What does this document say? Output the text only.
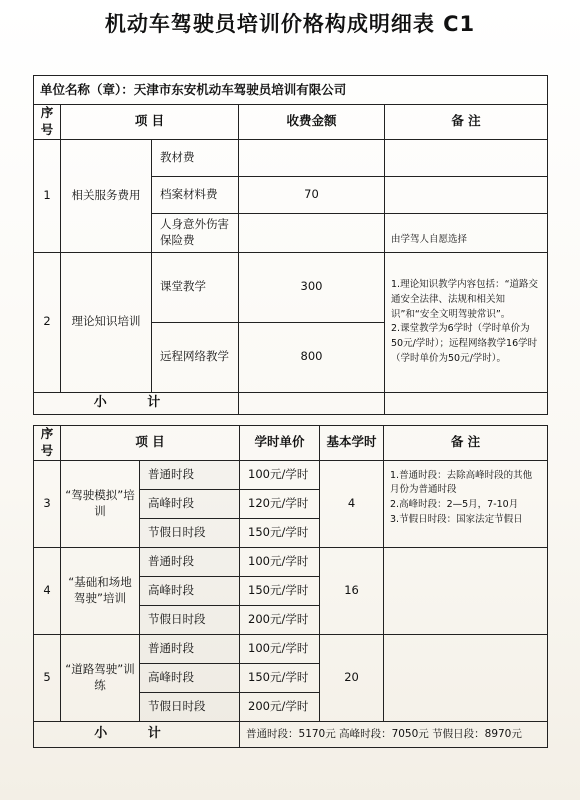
机动车驾驶员培训价格构成明细表 C1
单位名称（章）：天津市东安机动车驾驶员培训有限公司				
序号	项 目		收费金额	备 注
1	相关服务费用	教材费		
		档案材料费	70	
		人身意外伤害保险费		由学驾人自愿选择
2	理论知识培训	课堂教学	300	1.理论知识教学内容包括：“道路交通安全法律、法规和相关知识”和“安全文明驾驶常识”。

2.课堂教学为6学时（学时单价为50元/学时）；远程网络教学16学时（学时单价为50元/学时）。

		远程网络教学	800	
小 计				
序号	项 目		学时单价	基本学时	备 注
3	“驾驶模拟”培训	普通时段	100元/学时	4	1.普通时段：去除高峰时段的其他月份为普通时段

2.高峰时段：2—5月，7-10月

3.节假日时段：国家法定节假日

		高峰时段	120元/学时		
		节假日时段	150元/学时		
4	“基础和场地驾驶”培训	普通时段	100元/学时	16	
		高峰时段	150元/学时		
		节假日时段	200元/学时		
5	“道路驾驶”训练	普通时段	100元/学时	20	
		高峰时段	150元/学时		
		节假日时段	200元/学时		
小 计			普通时段：5170元 高峰时段：7050元 节假日段：8970元		
